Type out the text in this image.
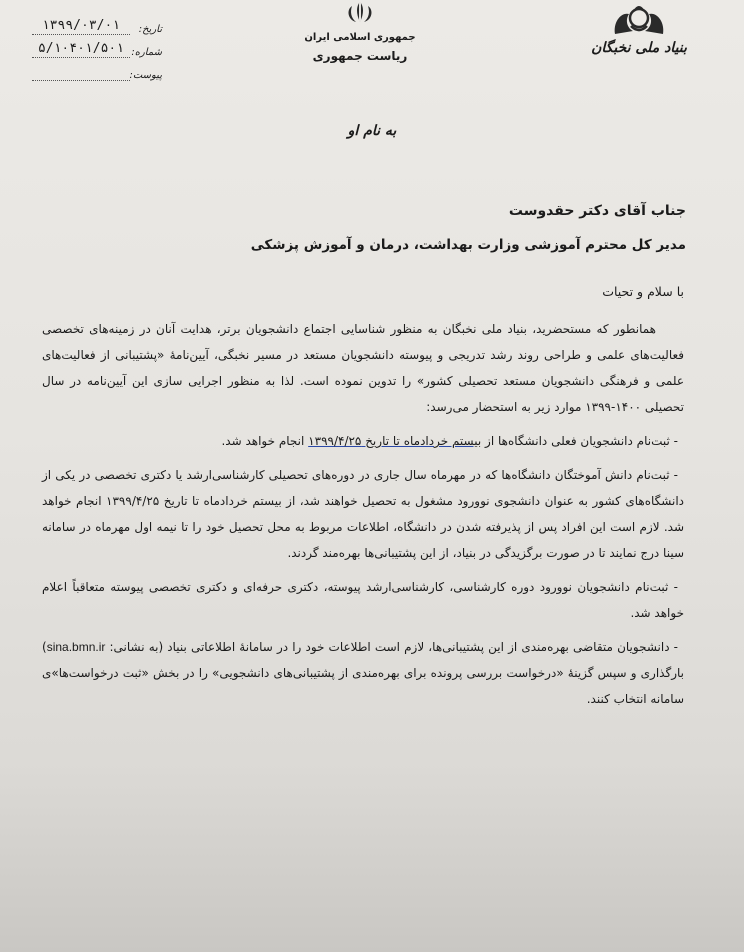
بنیاد ملی نخبگان
جمهوری اسلامی ایران
ریاست جمهوری
تاریخ:
۱۳۹۹/۰۳/۰۱
شماره:
۵/۱۰۴۰۱/۵۰۱
پیوست:
به نام او
جناب آقای دکتر حقدوست
مدیر کل محترم آموزشی وزارت بهداشت، درمان و آموزش پزشکی
با سلام و تحیات

همانطور که مستحضرید، بنیاد ملی نخبگان به منظور شناسایی اجتماع دانشجویان برتر، هدایت آنان در زمینه‌های تخصصی فعالیت‌های علمی و طراحی روند رشد تدریجی و پیوسته دانشجویان مستعد در مسیر نخبگی، آیین‌نامهٔ «پشتیبانی از فعالیت‌های علمی و فرهنگی دانشجویان مستعد تحصیلی کشور» را تدوین نموده است. لذا به منظور اجرایی سازی این آیین‌نامه در سال تحصیلی ۱۴۰۰-۱۳۹۹ موارد زیر به استحضار می‌رسد:

- ثبت‌نام دانشجویان فعلی دانشگاه‌ها از بیستم خردادماه تا تاریخ ۱۳۹۹/۴/۲۵ انجام خواهد شد.

- ثبت‌نام دانش آموختگان دانشگاه‌ها که در مهرماه سال جاری در دوره‌های تحصیلی کارشناسی‌ارشد یا دکتری تخصصی در یکی از دانشگاه‌های کشور به عنوان دانشجوی نوورود مشغول به تحصیل خواهند شد، از بیستم خردادماه تا تاریخ ۱۳۹۹/۴/۲۵ انجام خواهد شد. لازم است این افراد پس از پذیرفته شدن در دانشگاه، اطلاعات مربوط به محل تحصیل خود را تا نیمه اول مهرماه در سامانه سینا درج نمایند تا در صورت برگزیدگی در بنیاد، از این پشتیبانی‌ها بهره‌مند گردند.

- ثبت‌نام دانشجویان نوورود دوره کارشناسی، کارشناسی‌ارشد پیوسته، دکتری حرفه‌ای و دکتری تخصصی پیوسته متعاقباً اعلام خواهد شد.

- دانشجویان متقاضی بهره‌مندی از این پشتیبانی‌ها، لازم است اطلاعات خود را در سامانهٔ اطلاعاتی بنیاد (به نشانی: sina.bmn.ir) بارگذاری و سپس گزینهٔ «درخواست بررسی پرونده برای بهره‌مندی از پشتیبانی‌های دانشجویی» را در بخش «ثبت درخواست‌ها»ی سامانه انتخاب کنند.
